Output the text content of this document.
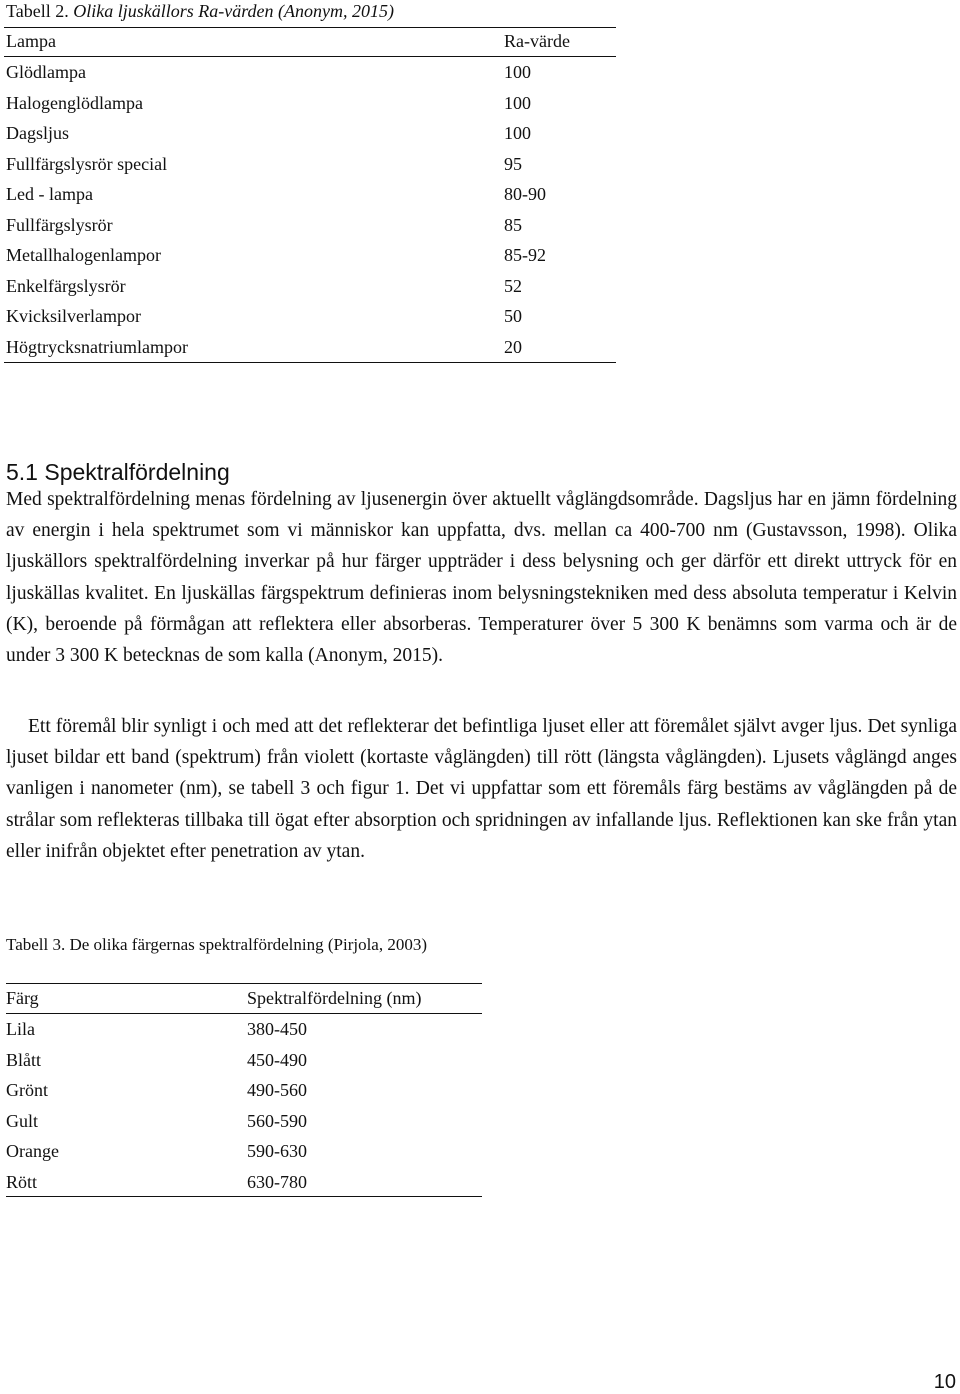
Tabell 2. Olika ljuskällors Ra-värden (Anonym, 2015)
Lampa	Ra-värde
Glödlampa	100
Halogenglödlampa	100
Dagsljus	100
Fullfärgslysrör special	95
Led - lampa	80-90
Fullfärgslysrör	85
Metallhalogenlampor	85-92
Enkelfärgslysrör	52
Kvicksilverlampor	50
Högtrycksnatriumlampor	20
5.1 Spektralfördelning

Med spektralfördelning menas fördelning av ljusenergin över aktuellt våglängdsområde. Dagsljus har en jämn fördelning av energin i hela spektrumet som vi människor kan uppfatta, dvs. mellan ca 400-700 nm (Gustavsson, 1998). Olika ljuskällors spektralfördelning inverkar på hur färger uppträder i dess belysning och ger därför ett direkt uttryck för en ljuskällas kvalitet. En ljuskällas färgspektrum definieras inom belysningstekniken med dess absoluta temperatur i Kelvin (K), beroende på förmågan att reflektera eller absorberas. Temperaturer över 5 300 K benämns som varma och är de under 3 300 K betecknas de som kalla (Anonym, 2015).

Ett föremål blir synligt i och med att det reflekterar det befintliga ljuset eller att föremålet självt avger ljus. Det synliga ljuset bildar ett band (spektrum) från violett (kortaste våglängden) till rött (längsta våglängden). Ljusets våglängd anges vanligen i nanometer (nm), se tabell 3 och figur 1. Det vi uppfattar som ett föremåls färg bestäms av våglängden på de strålar som reflekteras tillbaka till ögat efter absorption och spridningen av infallande ljus. Reflektionen kan ske från ytan eller inifrån objektet efter penetration av ytan.

Tabell 3. De olika färgernas spektralfördelning (Pirjola, 2003)
Färg	Spektralfördelning (nm)
Lila	380-450
Blått	450-490
Grönt	490-560
Gult	560-590
Orange	590-630
Rött	630-780
10
